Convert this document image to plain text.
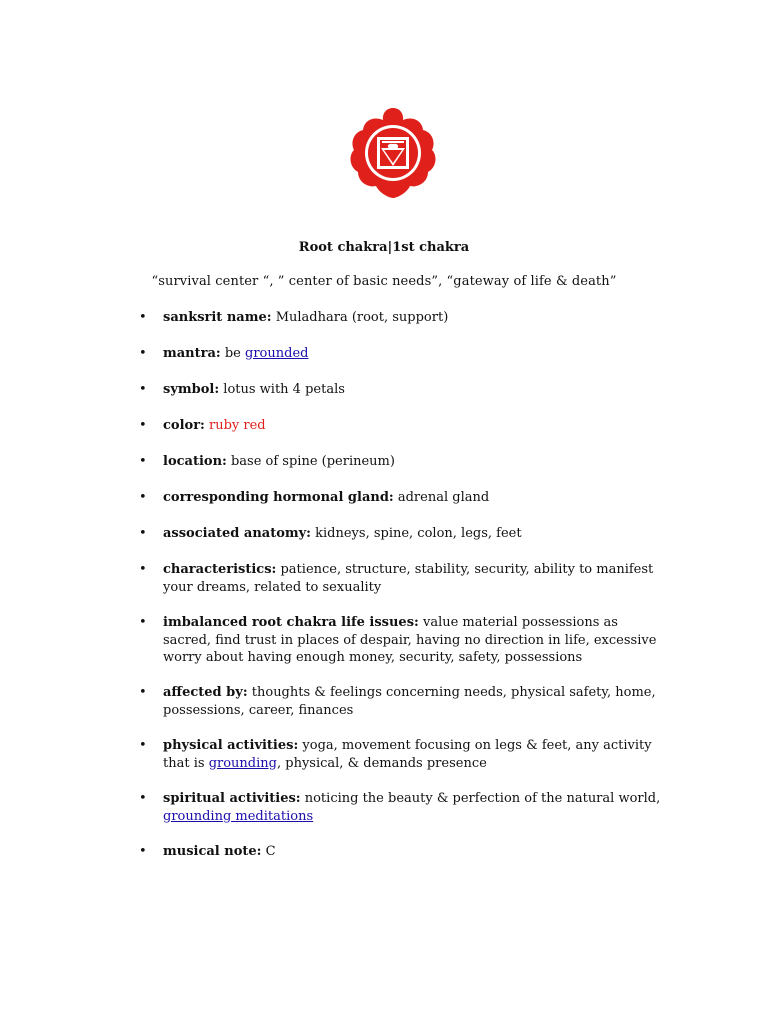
Root chakra|1st chakra
“survival center “, ” center of basic needs”, “gateway of life & death”
• sanksrit name: Muladhara (root, support)
• mantra: be grounded
• symbol: lotus with 4 petals
• color: ruby red
• location: base of spine (perineum)
• corresponding hormonal gland: adrenal gland
• associated anatomy: kidneys, spine, colon, legs, feet
• characteristics: patience, structure, stability, security, ability to manifest your dreams, related to sexuality
• imbalanced root chakra life issues: value material possessions as sacred, find trust in places of despair, having no direction in life, excessive worry about having enough money, security, safety, possessions
• affected by: thoughts & feelings concerning needs, physical safety, home, possessions, career, finances
• physical activities: yoga, movement focusing on legs & feet, any activity that is grounding, physical, & demands presence
• spiritual activities: noticing the beauty & perfection of the natural world, grounding meditations
• musical note: C
